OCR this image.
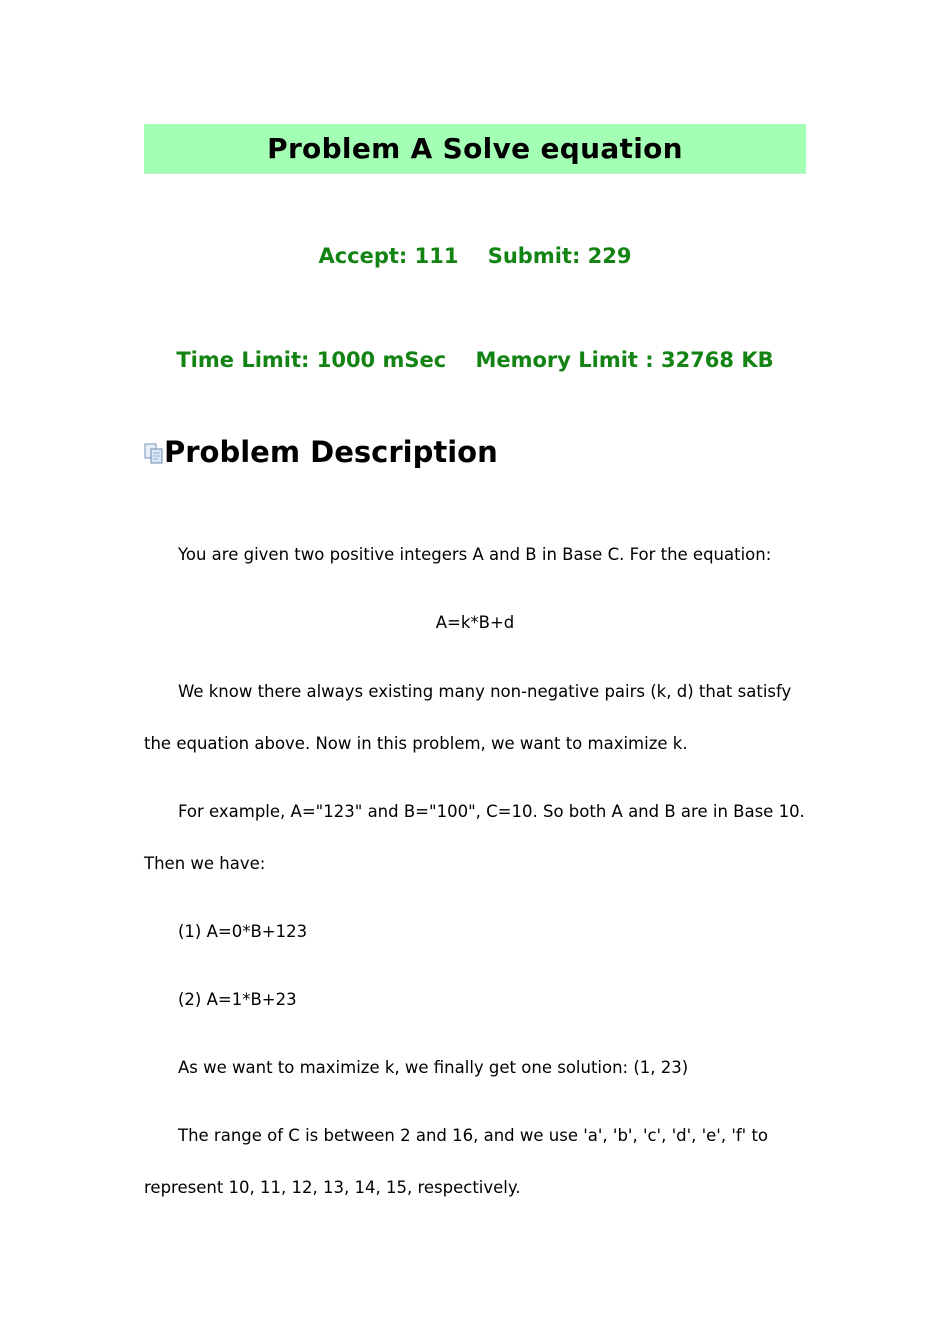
Problem A Solve equation
Accept: 111 Submit: 229
Time Limit: 1000 mSec Memory Limit : 32768 KB
Problem Description
You are given two positive integers A and B in Base C. For the equation:
A=k*B+d
We know there always existing many non-negative pairs (k, d) that satisfy the equation above. Now in this problem, we want to maximize k.
For example, A="123" and B="100", C=10. So both A and B are in Base 10. Then we have:
(1) A=0*B+123
(2) A=1*B+23
As we want to maximize k, we finally get one solution: (1, 23)
The range of C is between 2 and 16, and we use 'a', 'b', 'c', 'd', 'e', 'f' to represent 10, 11, 12, 13, 14, 15, respectively.
